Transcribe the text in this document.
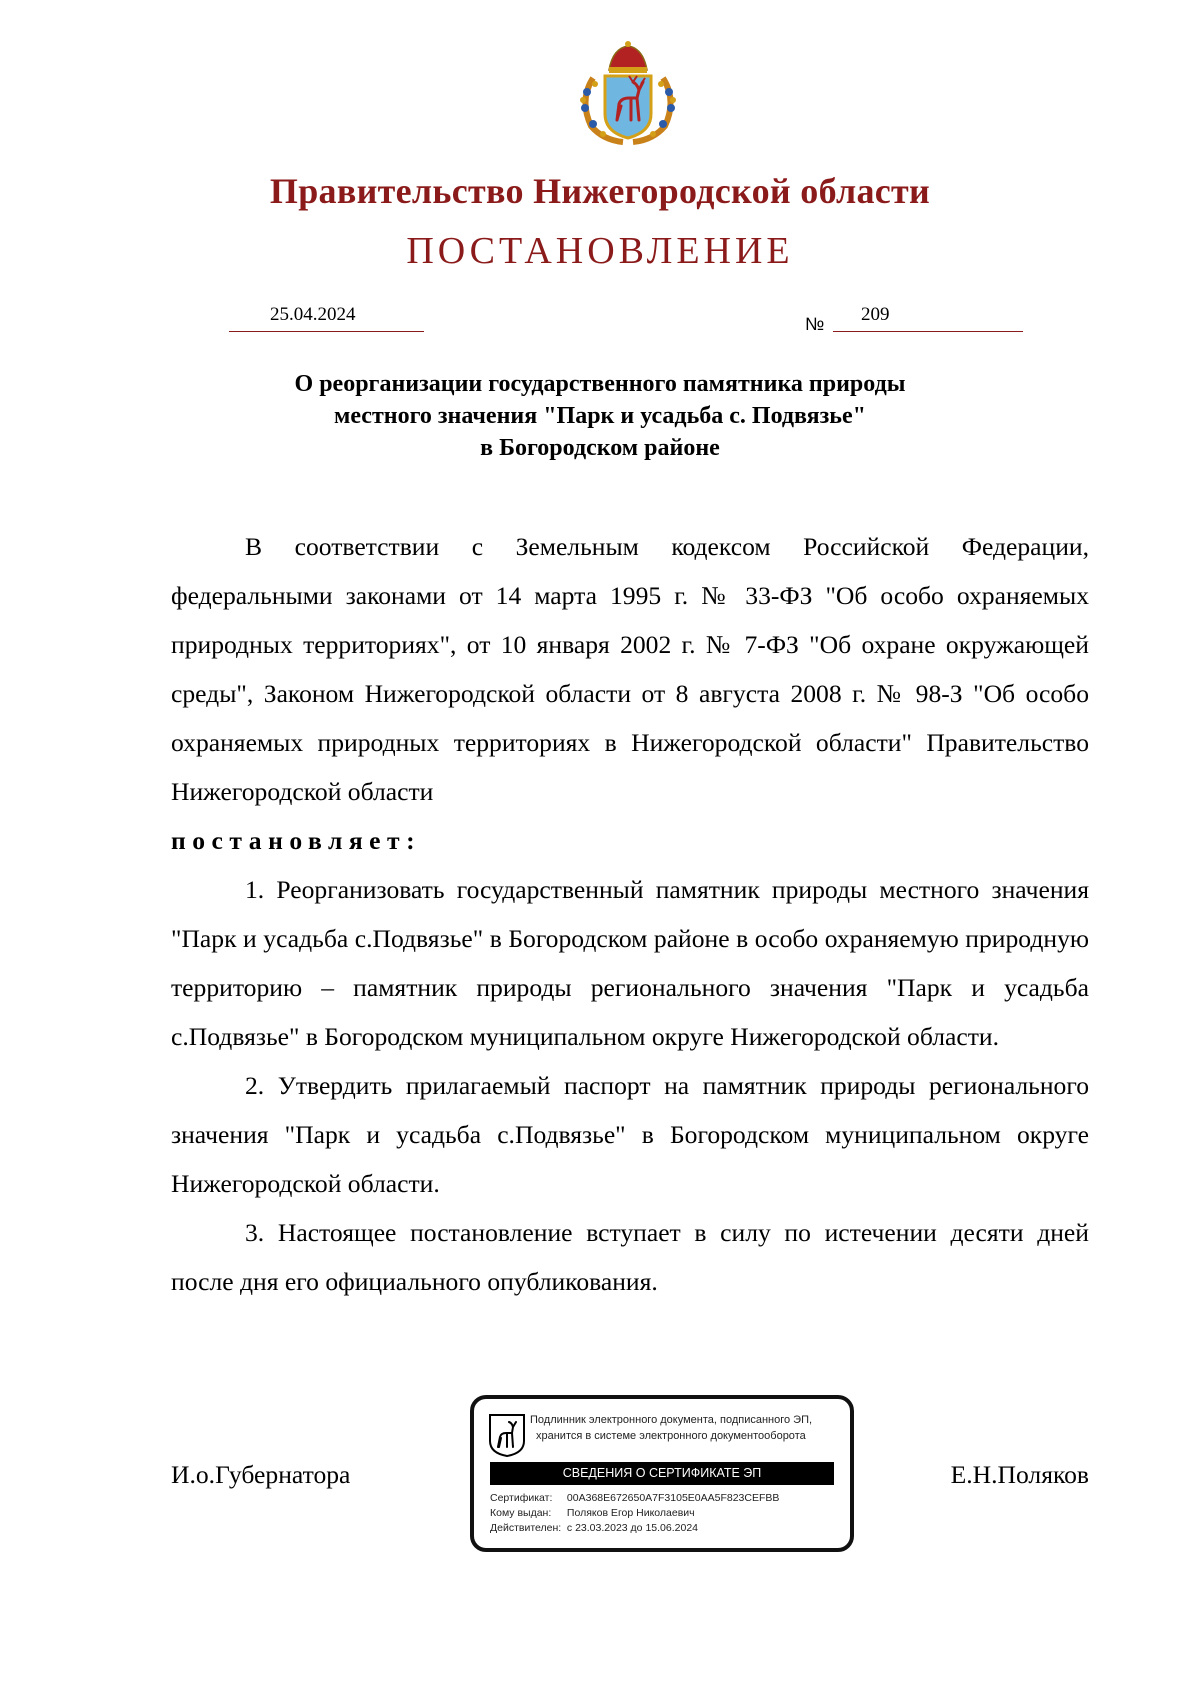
Правительство Нижегородской области
ПОСТАНОВЛЕНИЕ
25.04.2024	№ 209
О реорганизации государственного памятника природы
местного значения "Парк и усадьба с. Подвязье"
в Богородском районе

В соответствии с Земельным кодексом Российской Федерации, федеральными законами от 14 марта 1995 г. № 33-ФЗ "Об особо охраняемых природных территориях", от 10 января 2002 г. № 7-ФЗ "Об охране окружающей среды", Законом Нижегородской области от 8 августа 2008 г. № 98-З "Об особо охраняемых природных территориях в Нижегородской области" Правительство Нижегородской области

постановляет:

1. Реорганизовать государственный памятник природы местного значения "Парк и усадьба с.Подвязье" в Богородском районе в особо охраняемую природную территорию – памятник природы регионального значения "Парк и усадьба с.Подвязье" в Богородском муниципальном округе Нижегородской области.

2. Утвердить прилагаемый паспорт на памятник природы регионального значения "Парк и усадьба с.Подвязье" в Богородском муниципальном округе Нижегородской области.

3. Настоящее постановление вступает в силу по истечении десяти дней после дня его официального опубликования.

И.о.Губернатора	Е.Н.Поляков
Подлинник электронного документа, подписанного ЭП,
хранится в системе электронного документооборота
СВЕДЕНИЯ О СЕРТИФИКАТЕ ЭП
Сертификат: 00A368E672650A7F3105E0AA5F823CEFBB
Кому выдан: Поляков Егор Николаевич
Действителен: с 23.03.2023 до 15.06.2024
